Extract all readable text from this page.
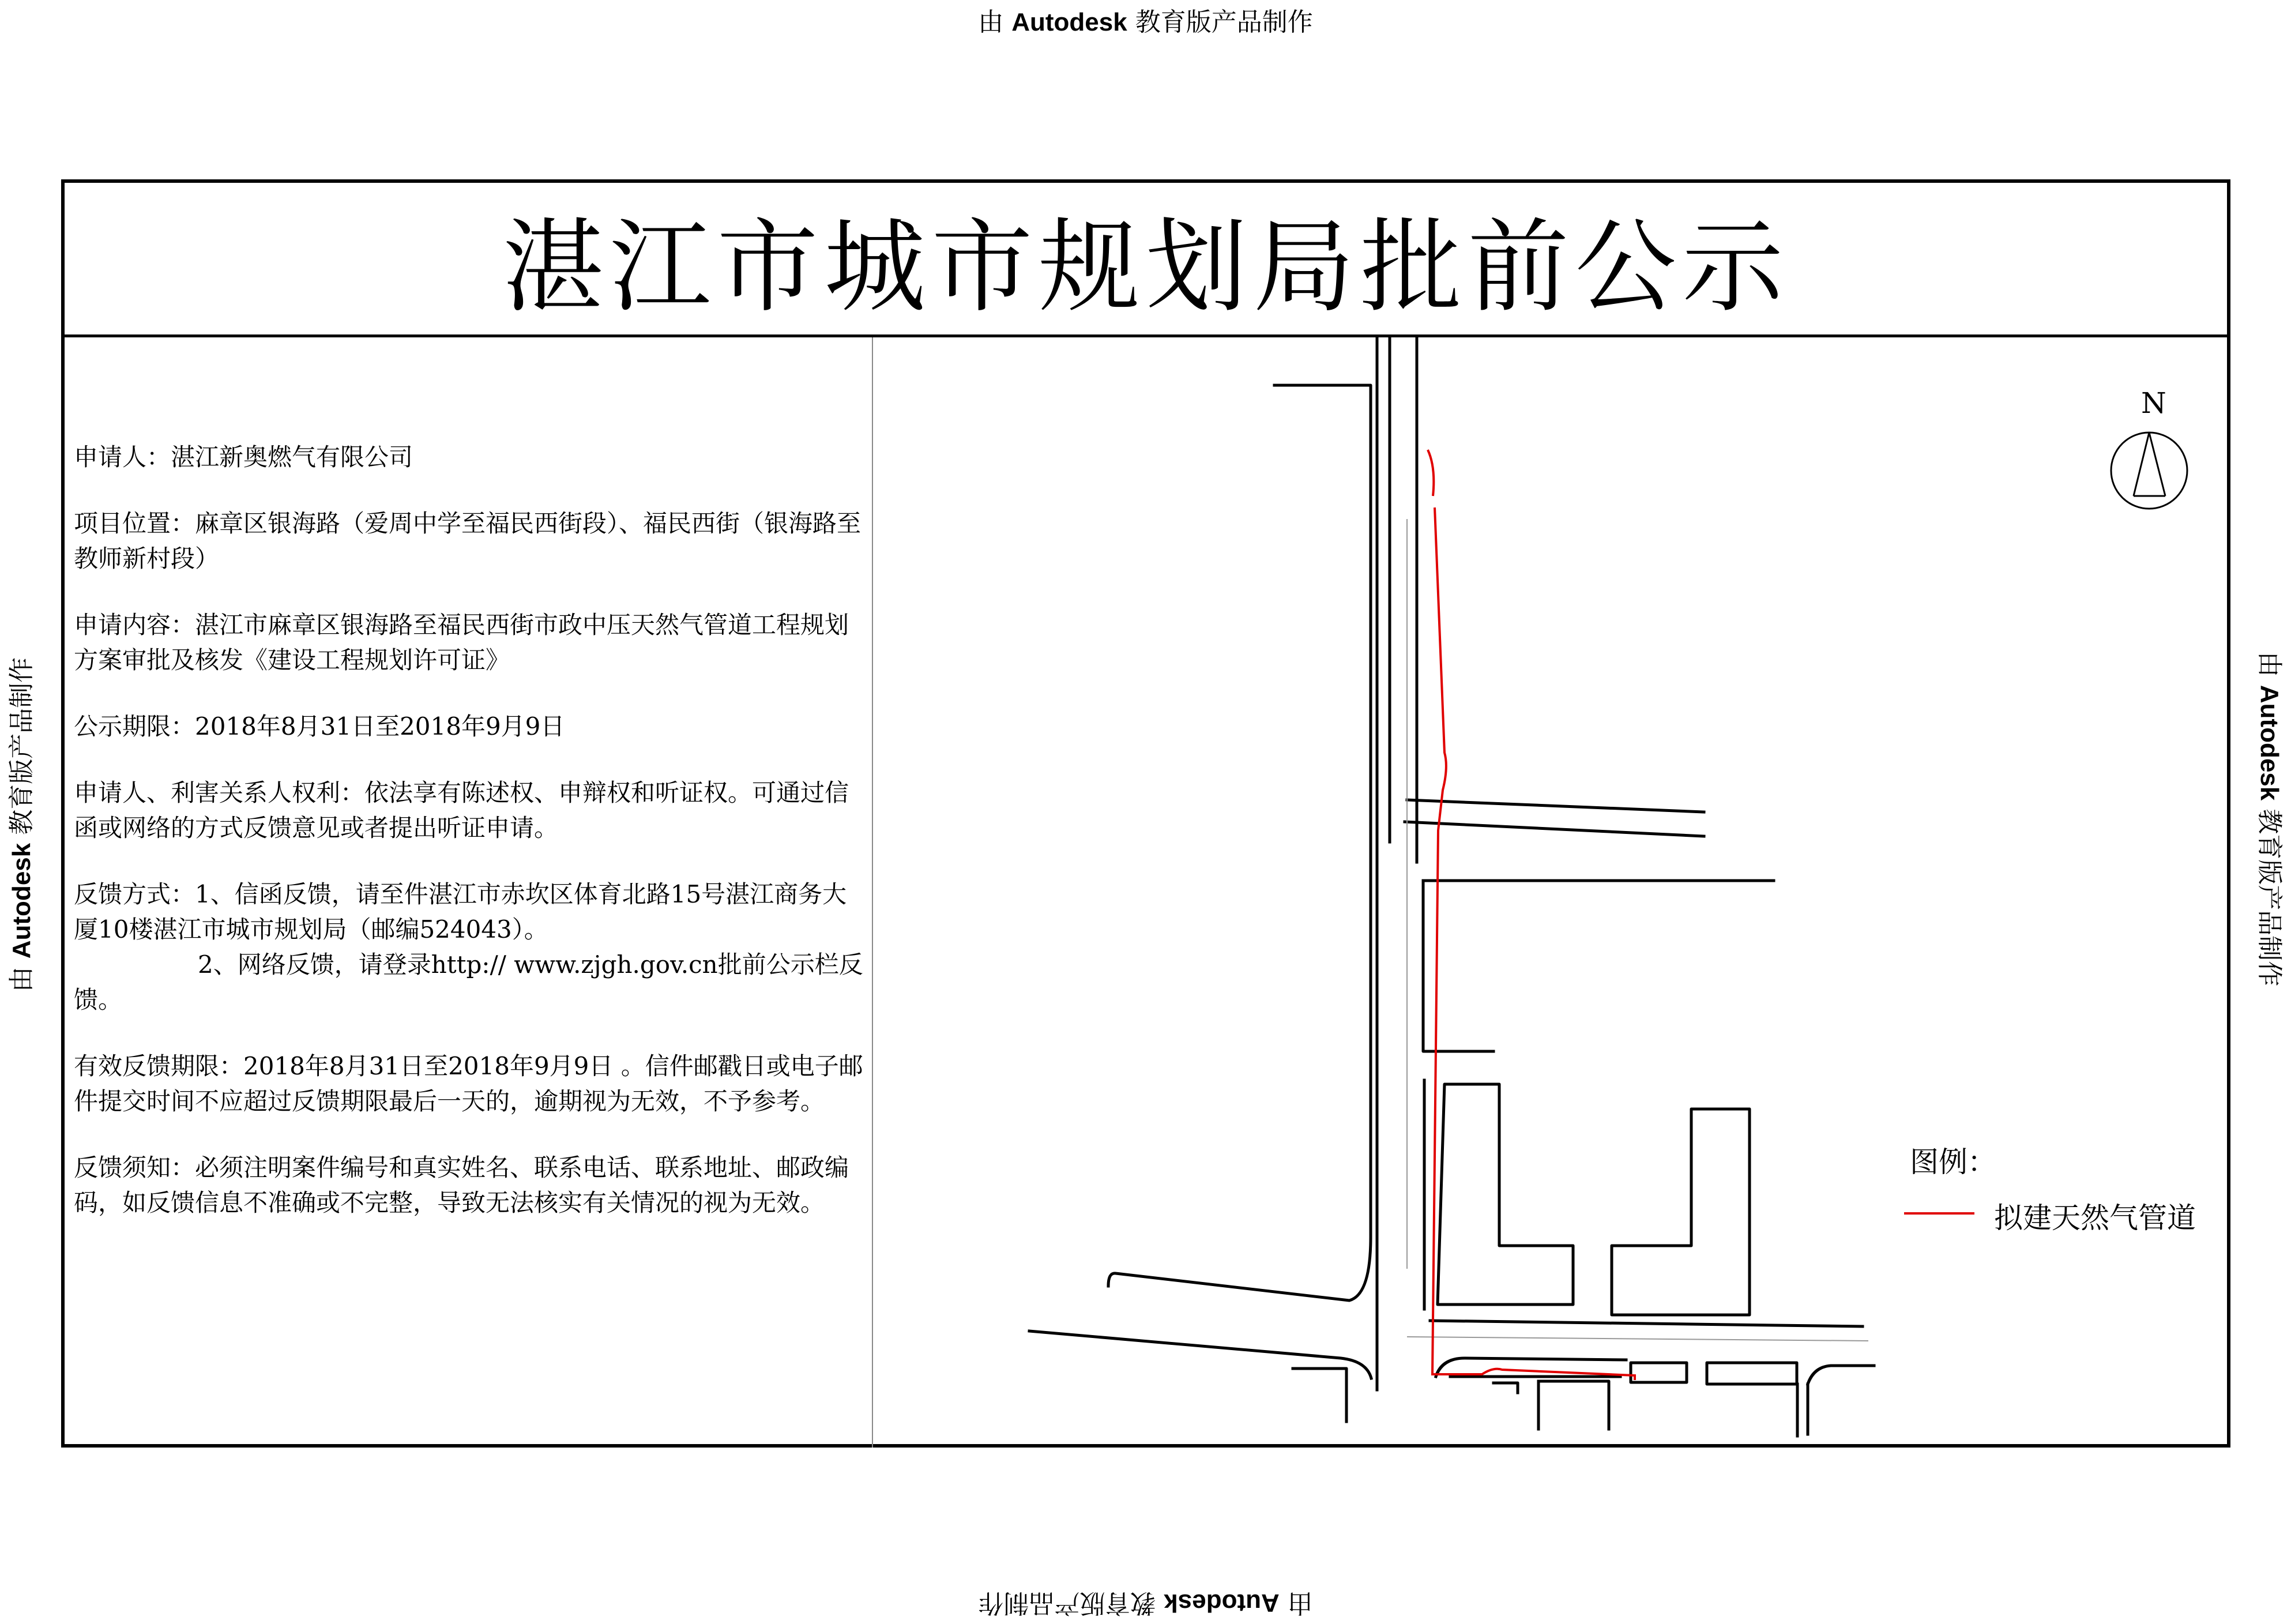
由 Autodesk 教育版产品制作
由 Autodesk 教育版产品制作
由 Autodesk 教育版产品制作	由 Autodesk 教育版产品制作
湛江市城市规划局批前公示

申请人：湛江新奥燃气有限公司

项目位置：麻章区银海路（爱周中学至福民西街段）、福民西街（银海路至教师新村段）

申请内容：湛江市麻章区银海路至福民西街市政中压天然气管道工程规划方案审批及核发《建设工程规划许可证》

公示期限：2018年8月31日至2018年9月9日

申请人、利害关系人权利：依法享有陈述权、申辩权和听证权。可通过信函或网络的方式反馈意见或者提出听证申请。

反馈方式：1、信函反馈，请至件湛江市赤坎区体育北路15号湛江商务大厦10楼湛江市城市规划局（邮编524043）。
2、网络反馈，请登录http:// www.zjgh.gov.cn批前公示栏反馈。

有效反馈期限：2018年8月31日至2018年9月9日 。信件邮戳日或电子邮件提交时间不应超过反馈期限最后一天的，逾期视为无效，不予参考。

反馈须知：必须注明案件编号和真实姓名、联系电话、联系地址、邮政编码，如反馈信息不准确或不完整，导致无法核实有关情况的视为无效。

N
图例：
拟建天然气管道
